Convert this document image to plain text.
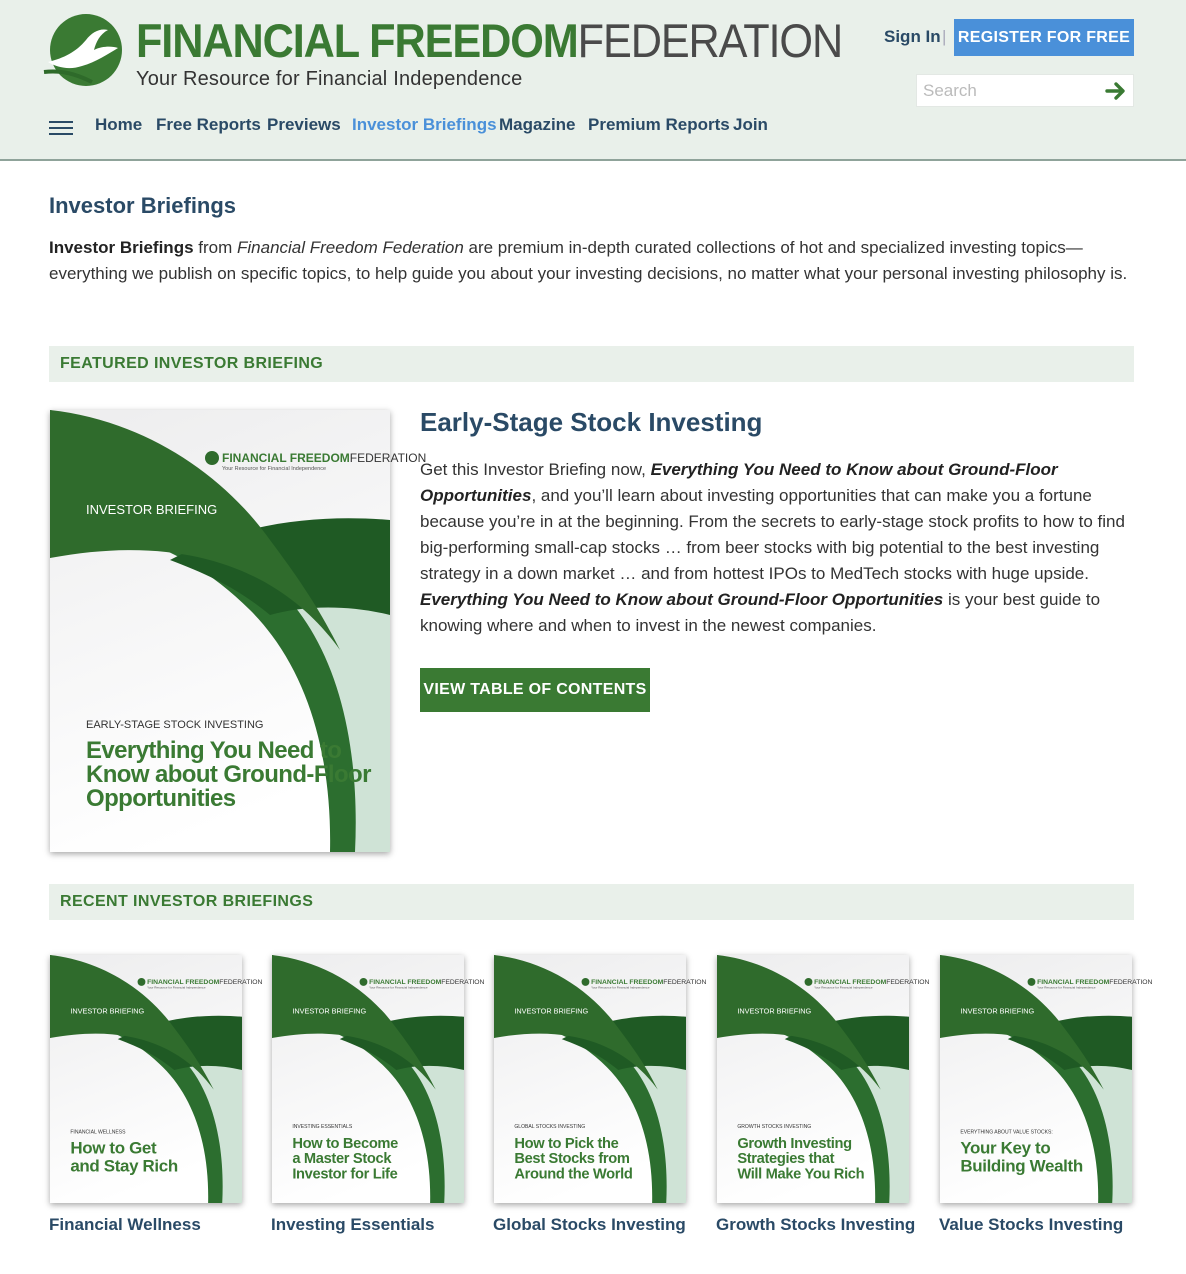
FINANCIAL FREEDOMFEDERATION
Your Resource for Financial Independence
Sign In | REGISTER FOR FREE
Search
Home Free Reports Previews Investor Briefings Magazine Premium Reports Join
Investor Briefings

Investor Briefings from Financial Freedom Federation are premium in-depth curated collections of hot and specialized investing topics—everything we publish on specific topics, to help guide you about your investing decisions, no matter what your personal investing philosophy is.

FEATURED INVESTOR BRIEFING
FINANCIAL FREEDOMFEDERATION
Your Resource for Financial Independence
INVESTOR BRIEFING
EARLY-STAGE STOCK INVESTING
Everything You Need to
Know about Ground-Floor
Opportunities
Early-Stage Stock Investing

Get this Investor Briefing now, Everything You Need to Know about Ground-Floor Opportunities, and you’ll learn about investing opportunities that can make you a fortune because you’re in at the beginning. From the secrets to early-stage stock profits to how to find big-performing small-cap stocks … from beer stocks with big potential to the best investing strategy in a down market … and from hottest IPOs to MedTech stocks with huge upside. Everything You Need to Know about Ground-Floor Opportunities is your best guide to knowing where and when to invest in the newest companies.

VIEW TABLE OF CONTENTS
RECENT INVESTOR BRIEFINGS
FINANCIAL FREEDOMFEDERATION
Your Resource for Financial Independence
INVESTOR BRIEFING
FINANCIAL WELLNESS
How to Get
and Stay Rich
Financial Wellness
FINANCIAL FREEDOMFEDERATION
Your Resource for Financial Independence
INVESTOR BRIEFING
INVESTING ESSENTIALS
How to Become
a Master Stock
Investor for Life
Investing Essentials
FINANCIAL FREEDOMFEDERATION
Your Resource for Financial Independence
INVESTOR BRIEFING
GLOBAL STOCKS INVESTING
How to Pick the
Best Stocks from
Around the World
Global Stocks Investing
FINANCIAL FREEDOMFEDERATION
Your Resource for Financial Independence
INVESTOR BRIEFING
GROWTH STOCKS INVESTING
Growth Investing
Strategies that
Will Make You Rich
Growth Stocks Investing
FINANCIAL FREEDOMFEDERATION
Your Resource for Financial Independence
INVESTOR BRIEFING
EVERYTHING ABOUT VALUE STOCKS:
Your Key to
Building Wealth
Value Stocks Investing
